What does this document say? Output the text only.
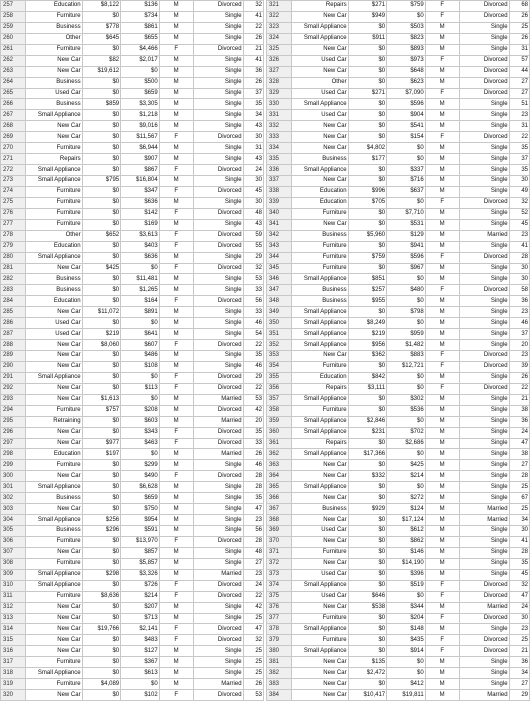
257	Education	$8,122	$136	M	Divorced	32
258	Furniture	$0	$734	M	Single	41
259	Business	$778	$861	M	Single	22
260	Other	$645	$655	M	Single	26
261	Furniture	$0	$4,466	F	Divorced	21
262	New Car	$82	$2,017	M	Single	41
263	New Car	$19,612	$0	M	Single	36
264	Business	$0	$500	M	Single	26
265	Used Car	$0	$659	M	Single	37
266	Business	$859	$3,305	M	Single	35
267	Small Appliance	$0	$1,218	M	Single	34
268	New Car	$0	$9,016	M	Single	43
269	New Car	$0	$11,567	F	Divorced	30
270	Furniture	$0	$6,944	M	Single	31
271	Repairs	$0	$907	M	Single	43
272	Small Appliance	$0	$867	F	Divorced	24
273	Small Appliance	$795	$16,804	M	Single	30
274	Furniture	$0	$347	F	Divorced	45
275	Furniture	$0	$636	M	Single	30
276	Furniture	$0	$142	F	Divorced	48
277	Furniture	$0	$169	M	Single	43
278	Other	$652	$3,613	F	Divorced	59
279	Education	$0	$403	F	Divorced	55
280	Small Appliance	$0	$636	M	Single	29
281	New Car	$425	$0	F	Divorced	32
282	Business	$0	$11,481	M	Single	53
283	Business	$0	$1,265	M	Single	33
284	Education	$0	$164	F	Divorced	56
285	New Car	$11,072	$891	M	Single	33
286	Used Car	$0	$0	M	Single	46
287	Used Car	$219	$641	M	Single	54
288	New Car	$8,060	$607	F	Divorced	22
289	New Car	$0	$486	M	Single	35
290	New Car	$0	$108	M	Single	46
291	Small Appliance	$0	$0	F	Divorced	29
292	New Car	$0	$113	F	Divorced	22
293	New Car	$1,613	$0	M	Married	53
294	Furniture	$757	$208	M	Divorced	42
295	Retraining	$0	$603	M	Married	20
296	New Car	$0	$343	F	Divorced	35
297	New Car	$977	$463	F	Divorced	33
298	Education	$197	$0	M	Married	26
299	Furniture	$0	$299	M	Single	46
300	New Car	$0	$490	F	Divorced	28
301	Small Appliance	$0	$6,628	M	Single	28
302	Business	$0	$659	M	Single	35
303	New Car	$0	$750	M	Single	47
304	Small Appliance	$256	$954	M	Single	23
305	Business	$296	$591	M	Single	56
306	Furniture	$0	$13,970	F	Divorced	28
307	New Car	$0	$857	M	Single	48
308	Furniture	$0	$5,857	M	Single	27
309	Small Appliance	$298	$3,326	M	Married	23
310	Small Appliance	$0	$726	F	Divorced	24
311	Furniture	$8,636	$214	F	Divorced	22
312	New Car	$0	$207	M	Single	42
313	New Car	$0	$713	M	Single	25
314	New Car	$19,766	$2,141	F	Divorced	47
315	New Car	$0	$483	F	Divorced	32
316	New Car	$0	$127	M	Single	25
317	Furniture	$0	$367	M	Single	25
318	Small Appliance	$0	$613	M	Single	25
319	Furniture	$4,089	$0	M	Married	26
320	New Car	$0	$102	F	Divorced	53
321	Repairs	$271	$759	F	Divorced	68
322	New Car	$949	$0	F	Divorced	26
323	Small Appliance	$0	$503	M	Single	25
324	Small Appliance	$911	$823	M	Single	26
325	New Car	$0	$893	M	Single	31
326	Used Car	$0	$973	F	Divorced	57
327	New Car	$0	$648	M	Divorced	44
328	Other	$0	$623	M	Divorced	27
329	Used Car	$271	$7,090	F	Divorced	27
330	Small Appliance	$0	$596	M	Single	51
331	Used Car	$0	$904	M	Single	23
332	New Car	$0	$541	M	Single	31
333	New Car	$0	$154	F	Divorced	22
334	New Car	$4,802	$0	M	Single	35
335	Business	$177	$0	M	Single	37
336	Small Appliance	$0	$337	M	Single	35
337	New Car	$0	$716	M	Single	30
338	Education	$996	$637	M	Single	49
339	Education	$705	$0	F	Divorced	32
340	Furniture	$0	$7,710	M	Single	52
341	New Car	$0	$531	M	Single	45
342	Business	$5,960	$129	M	Married	23
343	Furniture	$0	$941	M	Single	41
344	Furniture	$759	$596	F	Divorced	28
345	Furniture	$0	$967	M	Single	30
346	Small Appliance	$851	$0	M	Single	30
347	Business	$257	$480	F	Divorced	58
348	Business	$955	$0	M	Single	36
349	Small Appliance	$0	$798	M	Single	23
350	Small Appliance	$8,249	$0	M	Single	46
351	Small Appliance	$219	$959	M	Single	37
352	Small Appliance	$956	$1,482	M	Single	20
353	New Car	$362	$883	F	Divorced	23
354	Furniture	$0	$12,721	F	Divorced	39
355	Education	$842	$0	M	Single	26
356	Repairs	$3,111	$0	F	Divorced	22
357	Small Appliance	$0	$302	M	Single	21
358	Furniture	$0	$536	M	Single	38
359	Small Appliance	$2,846	$0	M	Single	36
360	Small Appliance	$231	$702	M	Single	24
361	Repairs	$0	$2,686	M	Single	47
362	Small Appliance	$17,366	$0	M	Single	38
363	New Car	$0	$425	M	Single	27
364	New Car	$332	$214	M	Single	28
365	Small Appliance	$0	$0	M	Single	25
366	New Car	$0	$272	M	Single	67
367	Business	$929	$124	M	Married	25
368	New Car	$0	$17,124	M	Married	34
369	Used Car	$0	$612	M	Single	30
370	New Car	$0	$862	M	Single	41
371	Furniture	$0	$146	M	Single	28
372	New Car	$0	$14,190	M	Single	35
373	Used Car	$0	$396	M	Single	45
374	Small Appliance	$0	$519	F	Divorced	32
375	Used Car	$646	$0	F	Divorced	47
376	New Car	$538	$344	M	Married	24
377	Furniture	$0	$204	F	Divorced	30
378	Small Appliance	$0	$148	M	Single	23
379	Furniture	$0	$435	F	Divorced	25
380	Small Appliance	$0	$914	F	Divorced	21
381	New Car	$135	$0	M	Single	36
382	New Car	$2,472	$0	M	Single	34
383	New Car	$0	$412	M	Single	27
384	New Car	$10,417	$19,811	M	Married	29
